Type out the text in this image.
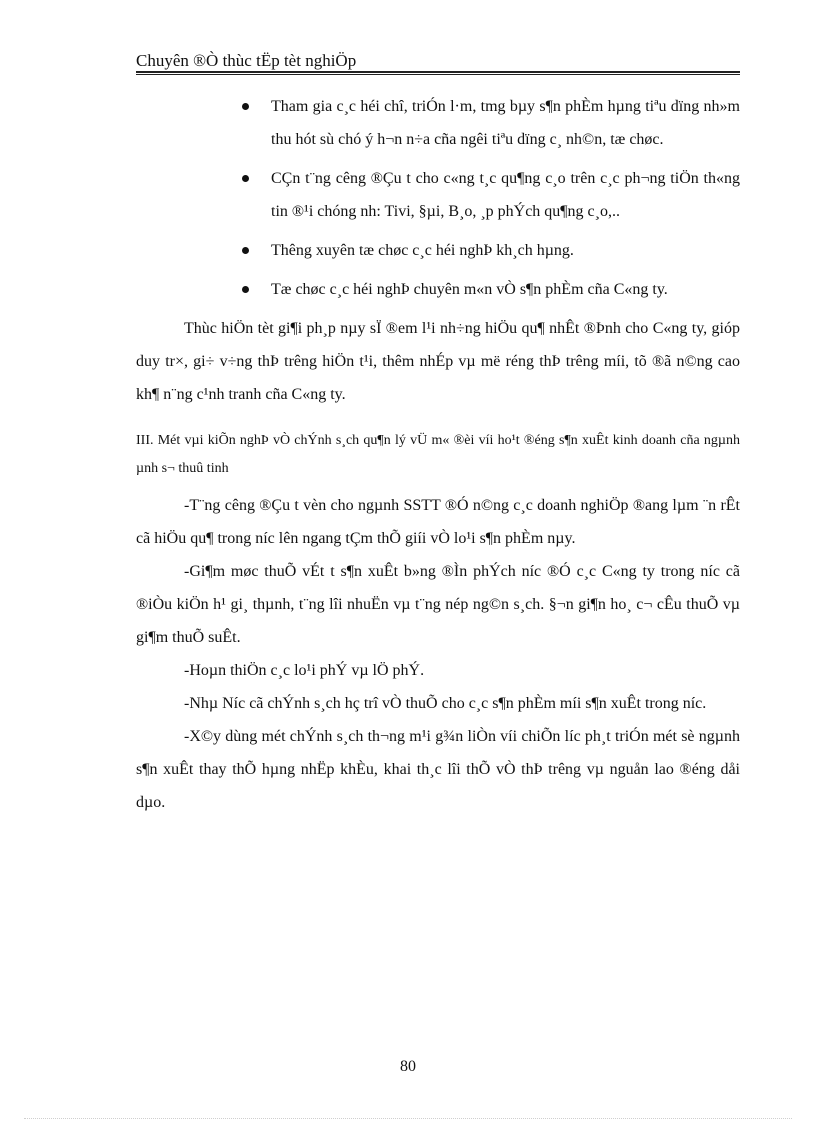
Chuyên ®Ò thùc tËp tèt nghiÖp
Tham gia c¸c héi chî, triÓn l·m, tmg bµy s¶n phÈm hµng tiªu dïng nh»m thu hót sù chó ý h¬n n÷a cña ngêi tiªu dïng c¸ nh©n, tæ chøc.
CÇn t¨ng cêng ®Çu t cho c«ng t¸c qu¶ng c¸o trên c¸c ph¬ng tiÖn th«ng tin ®¹i chóng nh: Tivi, §µi, B¸o, ¸p phÝch qu¶ng c¸o,..
Thêng xuyên tæ chøc c¸c héi nghÞ kh¸ch hµng.
Tæ chøc c¸c héi nghÞ chuyên m«n vÒ s¶n phÈm cña C«ng ty.

Thùc hiÖn tèt gi¶i ph¸p nµy sÏ ®em l¹i nh÷ng hiÖu qu¶ nhÊt ®Þnh cho C«ng ty, gióp duy tr×, gi÷ v÷ng thÞ trêng hiÖn t¹i, thêm nhÉp vµ më réng thÞ trêng míi, tõ ®ã n©ng cao kh¶ n¨ng c¹nh tranh cña C«ng ty.

III. Mét vµi kiÕn nghÞ vÒ chÝnh s¸ch qu¶n lý vÜ m« ®èi víi ho¹t ®éng s¶n xuÊt kinh doanh cña ngµnh µnh s¬ thuû tinh

-T¨ng cêng ®Çu t vèn cho ngµnh SSTT ®Ó n©ng c¸c doanh nghiÖp ®ang lµm ¨n rÊt cã hiÖu qu¶ trong níc lên ngang tÇm thÕ giíi vÒ lo¹i s¶n phÈm nµy.

-Gi¶m møc thuÕ vÉt t s¶n xuÊt b»ng ®Ìn phÝch níc ®Ó c¸c C«ng ty trong níc cã ®iÒu kiÖn h¹ gi¸ thµnh, t¨ng lîi nhuËn vµ t¨ng nép ng©n s¸ch. §¬n gi¶n ho¸ c¬ cÊu thuÕ vµ gi¶m thuÕ suÊt.

-Hoµn thiÖn c¸c lo¹i phÝ vµ lÖ phÝ.

-Nhµ Níc cã chÝnh s¸ch hç trî vÒ thuÕ cho c¸c s¶n phÈm míi s¶n xuÊt trong níc.

-X©y dùng mét chÝnh s¸ch th¬ng m¹i g¾n liÒn víi chiÕn líc ph¸t triÓn mét sè ngµnh s¶n xuÊt thay thÕ hµng nhËp khÈu, khai th¸c lîi thÕ vÒ thÞ trêng vµ nguån lao ®éng dåi dµo.

80
